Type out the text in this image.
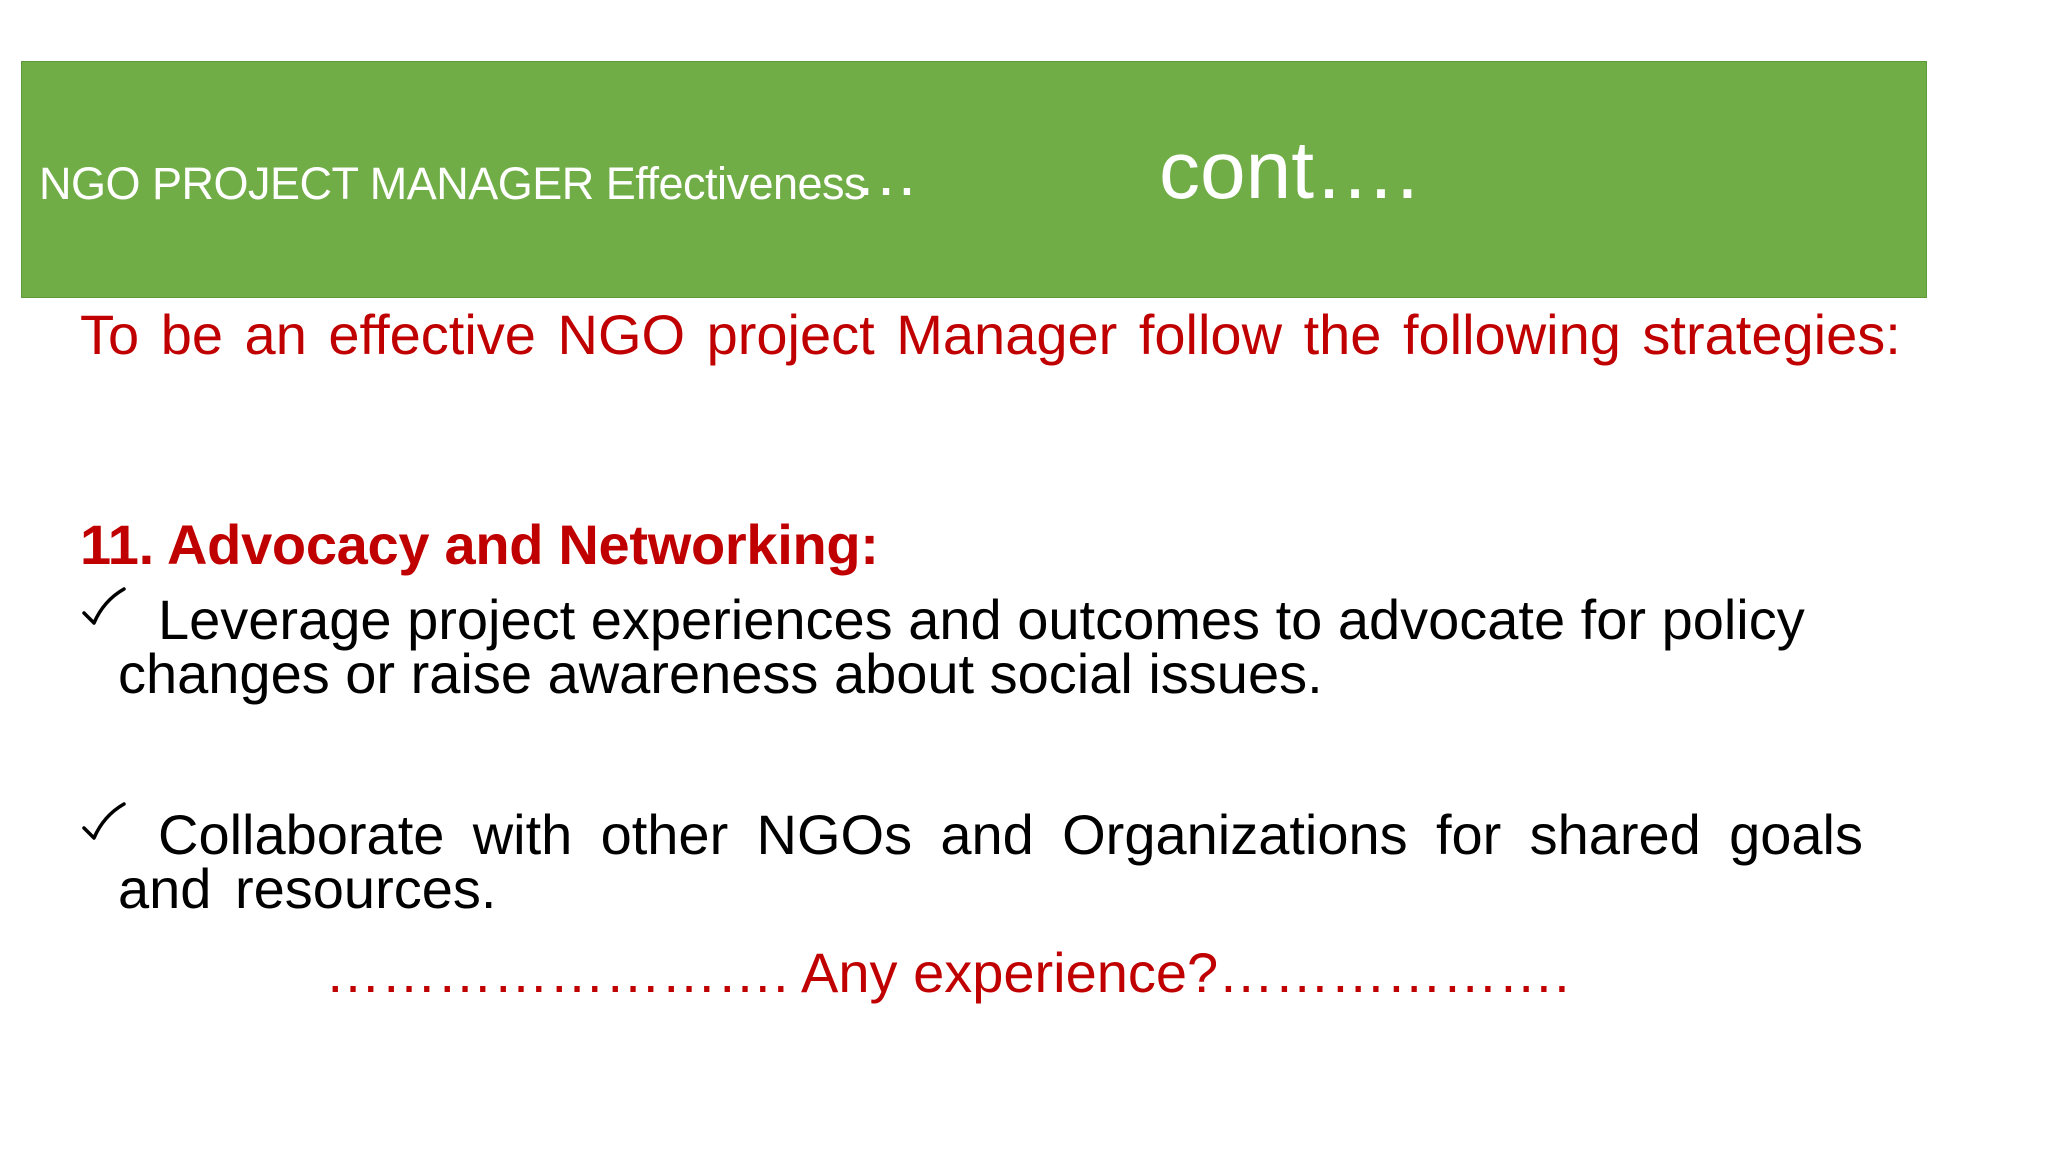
NGO PROJECT MANAGER Effectiveness
…	cont….
To be an effective NGO project Manager follow the following strategies:
11. Advocacy and Networking:
Leverage project experiences and outcomes to advocate for policy changes or raise awareness about social issues.
Collaborate with other NGOs and Organizations for shared goals and resources.
……………………. Any experience?……………….
